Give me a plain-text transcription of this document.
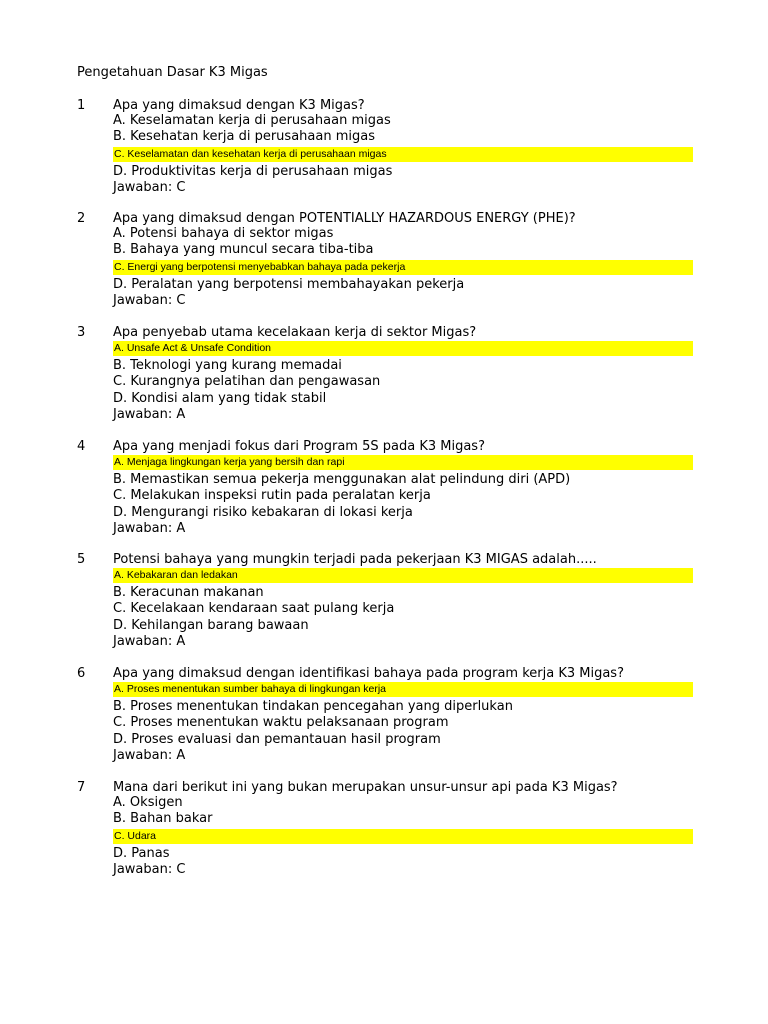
Pengetahuan Dasar K3 Migas
1 Apa yang dimaksud dengan K3 Migas?
A. Keselamatan kerja di perusahaan migas
B. Kesehatan kerja di perusahaan migas
C. Keselamatan dan kesehatan kerja di perusahaan migas
D. Produktivitas kerja di perusahaan migas
Jawaban: C
2 Apa yang dimaksud dengan POTENTIALLY HAZARDOUS ENERGY (PHE)?
A. Potensi bahaya di sektor migas
B. Bahaya yang muncul secara tiba-tiba
C. Energi yang berpotensi menyebabkan bahaya pada pekerja
D. Peralatan yang berpotensi membahayakan pekerja
Jawaban: C
3 Apa penyebab utama kecelakaan kerja di sektor Migas?
A. Unsafe Act & Unsafe Condition
B. Teknologi yang kurang memadai
C. Kurangnya pelatihan dan pengawasan
D. Kondisi alam yang tidak stabil
Jawaban: A
4 Apa yang menjadi fokus dari Program 5S pada K3 Migas?
A. Menjaga lingkungan kerja yang bersih dan rapi
B. Memastikan semua pekerja menggunakan alat pelindung diri (APD)
C. Melakukan inspeksi rutin pada peralatan kerja
D. Mengurangi risiko kebakaran di lokasi kerja
Jawaban: A
5 Potensi bahaya yang mungkin terjadi pada pekerjaan K3 MIGAS adalah.....
A. Kebakaran dan ledakan
B. Keracunan makanan
C. Kecelakaan kendaraan saat pulang kerja
D. Kehilangan barang bawaan
Jawaban: A
6 Apa yang dimaksud dengan identifikasi bahaya pada program kerja K3 Migas?
A. Proses menentukan sumber bahaya di lingkungan kerja
B. Proses menentukan tindakan pencegahan yang diperlukan
C. Proses menentukan waktu pelaksanaan program
D. Proses evaluasi dan pemantauan hasil program
Jawaban: A
7 Mana dari berikut ini yang bukan merupakan unsur-unsur api pada K3 Migas?
A. Oksigen
B. Bahan bakar
C. Udara
D. Panas
Jawaban: C
